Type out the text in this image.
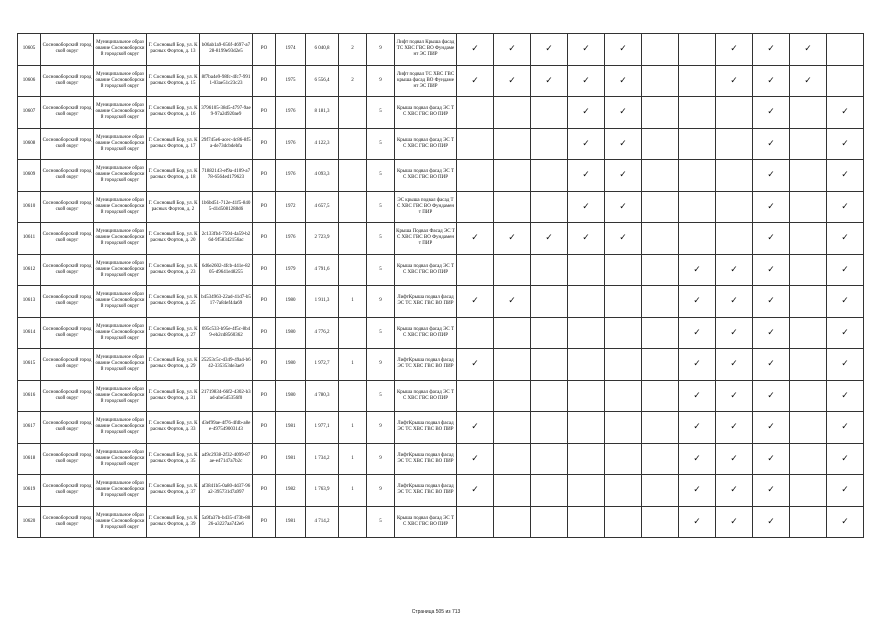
10605	Сосновоборский городской округ	Муниципальное образование Сосновоборский городской округ	Г. Сосновый Бор, ул. Красных Фортов, д. 13	b06ab1a9-656f-4697-a728-8199e93d2e5	РО	1974	6 040,8	2	9	Лифт подвал Крыша фасад ТС ХВС ГВС ВО Фундамент ЭС ПИР	✓	✓	✓	✓	✓			✓	✓	✓	
10606	Сосновоборский городской округ	Муниципальное образование Сосновоборский городской округ	Г. Сосновый Бор, ул. Красных Фортов, д. 15	8f7ba4e9-98fc-4fc7-9911-03ae51c23c23	РО	1975	6 556,4	2	9	Лифт подвал ТС ХВС ГВС крыша фасад ВО Фундамент ЭС ПИР	✓	✓	✓	✓	✓			✓	✓	✓	
10607	Сосновоборский городской округ	Муниципальное образование Сосновоборский городской округ	Г. Сосновый Бор, ул. Красных Фортов, д. 16	3796105-38d5-4797-9ae9-97a2d920ae9	РО	1976	8 181,3		5	Крыша подвал фасад ЭС ТС ХВС ГВС ВО ПИР				✓	✓				✓		✓
10608	Сосновоборский городской округ	Муниципальное образование Сосновоборский городской округ	Г. Сосновый Бор, ул. Красных Фортов, д. 17	29f745e6-acec-4c86-8f5a-de73dcbdebfa	РО	1976	4 122,3		5	Крыша подвал фасад ЭС ТС ХВС ГВС ВО ПИР				✓	✓				✓		✓
10609	Сосновоборский городской округ	Муниципальное образование Сосновоборский городской округ	Г. Сосновый Бор, ул. Красных Фортов, д. 18	71882143-ef9a-4109-a778-6564ed179623	РО	1976	4 093,3		5	Крыша подвал фасад ЭС ТС ХВС ГВС ВО ПИР				✓	✓				✓		✓
10610	Сосновоборский городской округ	Муниципальное образование Сосновоборский городской округ	Г. Сосновый Бор, ул. Красных Фортов, д. 2	1b6bd51-712e-41f5-8405-d1d5081288d6	РО	1972	4 657,5		5	ЭС крыша подвал фасад ТС ХВС ГВС ВО Фундамент ПИР				✓	✓				✓		✓
10611	Сосновоборский городской округ	Муниципальное образование Сосновоборский городской округ	Г. Сосновый Бор, ул. Красных Фортов, д. 20	2c133fb4-7594-4a59-b26d-9f58342156ac	РО	1976	2 723,9		5	Крыша Подвал Фасад ЭС ТС ХВС ГВС ВО Фундамент ПИР	✓	✓	✓	✓	✓				✓		✓
10612	Сосновоборский городской округ	Муниципальное образование Сосновоборский городской округ	Г. Сосновый Бор, ул. Красных Фортов, д. 23	6d6e2602-4fcb-441e-8205-d9641e48255	РО	1979	4 791,6		5	Крыша подвал фасад ЭС ТС ХВС ГВС ВО ПИР							✓	✓	✓		✓
10613	Сосновоборский городской округ	Муниципальное образование Сосновоборский городской округ	Г. Сосновый Бор, ул. Красных Фортов, д. 25	b4534963-22ad-41d7-b517-7a84ef44a69	РО	1980	1 911,3	1	9	ЛифтКрыша подвал фасад ЭС ТС ХВС ГВС ВО ПИР	✓	✓					✓	✓	✓		✓
10614	Сосновоборский городской округ	Муниципальное образование Сосновоборский городской округ	Г. Сосновый Бор, ул. Красных Фортов, д. 27	695c533-b95e-4f5c-8b49-eb2cd8560362	РО	1980	4 776,2		5	Крыша подвал фасад ЭС ТС ХВС ГВС ВО ПИР							✓	✓	✓		✓
10615	Сосновоборский городской округ	Муниципальное образование Сосновоборский городской округ	Г. Сосновый Бор, ул. Красных Фортов, д. 29	25253c5c-d349-49a4-b642-335353de3ae9	РО	1980	1 972,7	1	9	ЛифтКрыша подвал фасад ЭС ТС ХВС ГВС ВО ПИР	✓						✓	✓	✓		✓
10616	Сосновоборский городской округ	Муниципальное образование Сосновоборский городской округ	Г. Сосновый Бор, ул. Красных Фортов, д. 31	21719834-66f2-4302-b3ad-abe5d5356f0	РО	1980	4 780,3		5	Крыша подвал фасад ЭС ТС ХВС ГВС ВО ПИР							✓	✓	✓		✓
10617	Сосновоборский городской округ	Муниципальное образование Сосновоборский городской округ	Г. Сосновый Бор, ул. Красных Фортов, д. 33	d3ef99ae-4f76-4fdb-a8ee-497549003143	РО	1981	1 977,1	1	9	ЛифтКрыша подвал фасад ЭС ТС ХВС ГВС ВО ПИР	✓						✓	✓	✓		✓
10618	Сосновоборский городской округ	Муниципальное образование Сосновоборский городской округ	Г. Сосновый Бор, ул. Красных Фортов, д. 35	a49c2938-2f32-4099-87ae-e47147a7b2c	РО	1981	1 734,2	1	9	ЛифтКрыша подвал фасад ЭС ТС ХВС ГВС ВО ПИР	✓						✓	✓	✓		✓
10619	Сосновоборский городской округ	Муниципальное образование Сосновоборский городской округ	Г. Сосновый Бор, ул. Красных Фортов, д. 37	af3841b5-0a80-4d37-96a2-395731d7a997	РО	1982	1 763,9	1	9	ЛифтКрыша подвал фасад ЭС ТС ХВС ГВС ВО ПИР	✓						✓	✓	✓		✓
10620	Сосновоборский городской округ	Муниципальное образование Сосновоборский городской округ	Г. Сосновый Бор, ул. Красных Фортов, д. 39	5a9fa37b-b435-473b-8026-a3227aa742e6	РО	1981	4 714,2		5	Крыша подвал фасад ЭС ТС ХВС ГВС ВО ПИР							✓	✓	✓		✓
Страница 505 из 713
